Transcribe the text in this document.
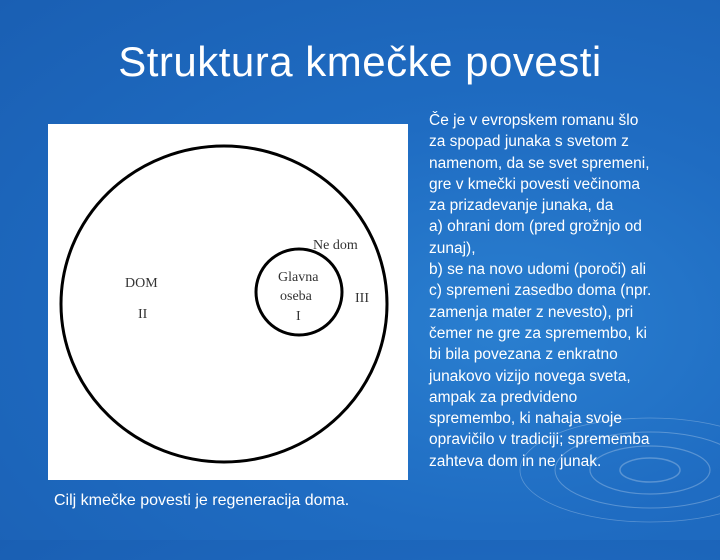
Struktura kmečke povesti
Ne dom
DOM
II
Glavna
oseba
I
III
Cilj kmečke povesti je regeneracija doma.
Če je v evropskem romanu šlo
za spopad junaka s svetom z
namenom, da se svet spremeni,
gre v kmečki povesti večinoma
za prizadevanje junaka, da
a) ohrani dom (pred grožnjo od
zunaj),
b) se na novo udomi (poroči) ali
c) spremeni zasedbo doma (npr.
zamenja mater z nevesto), pri
čemer ne gre za spremembo, ki
bi bila povezana z enkratno
junakovo vizijo novega sveta,
ampak za predvideno
spremembo, ki nahaja svoje
opravičilo v tradiciji; sprememba
zahteva dom in ne junak.
